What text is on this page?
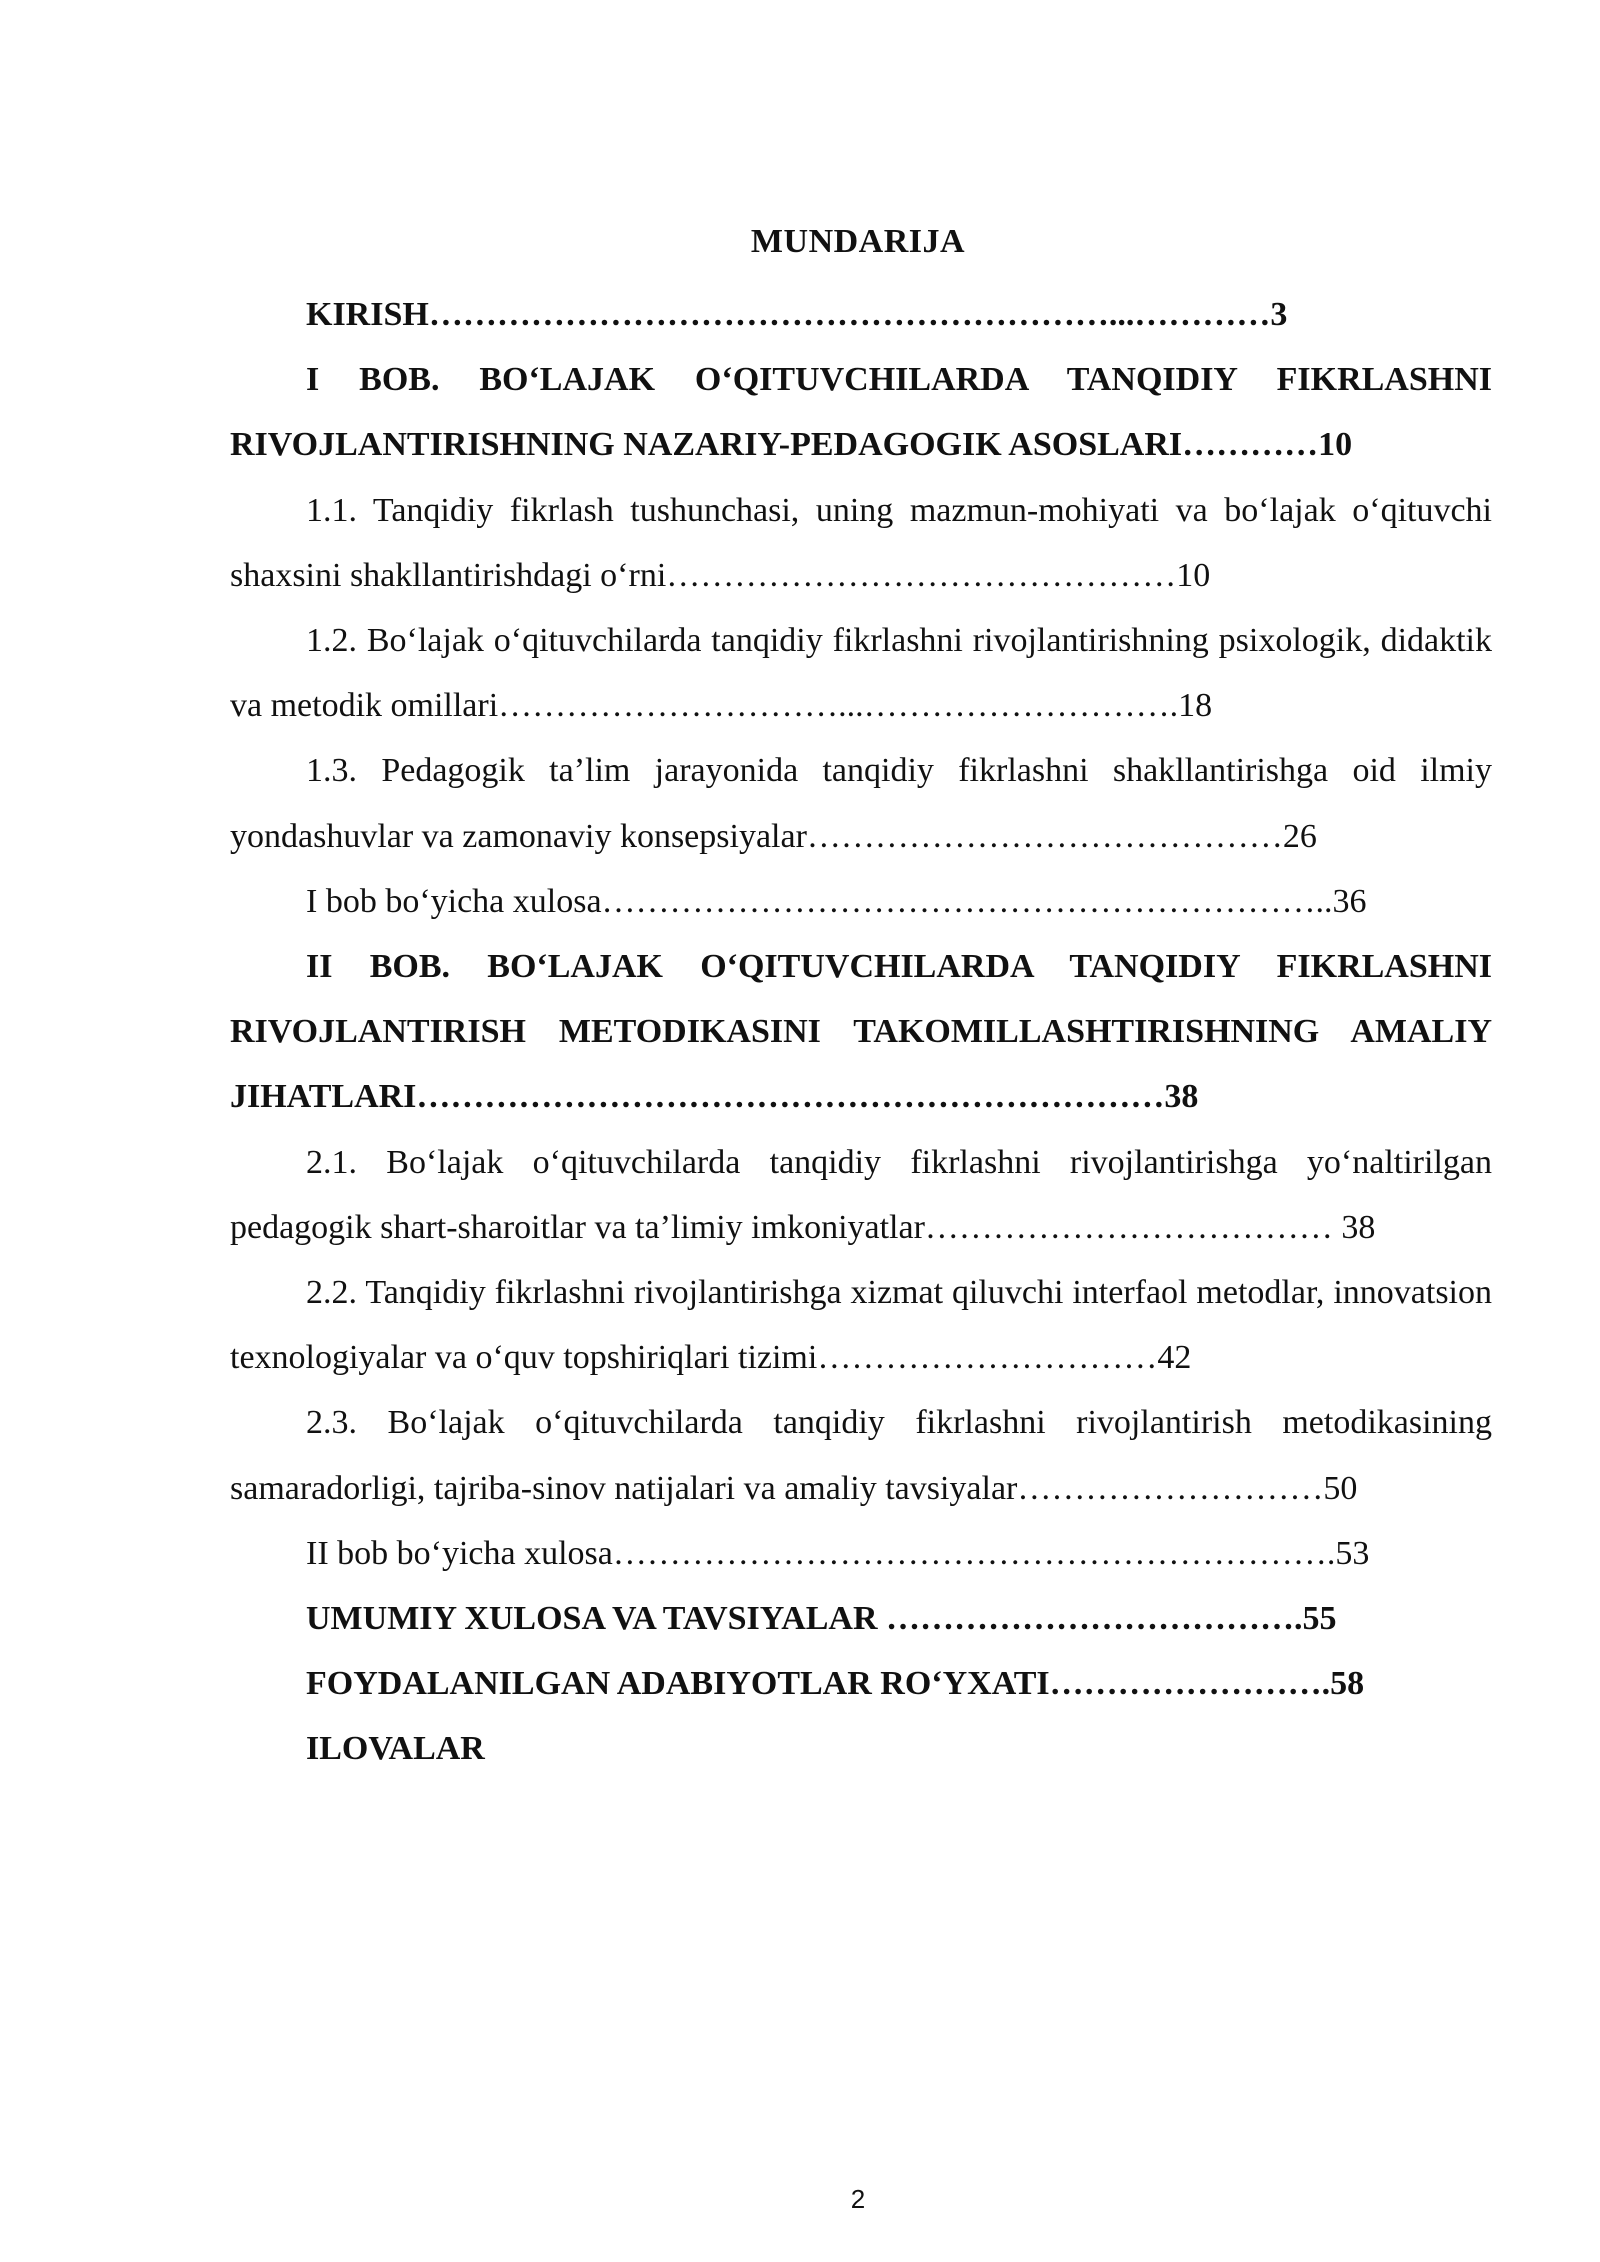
MUNDARIJA

KIRISH……………………………………………………...…………3

I BOB. BO‘LAJAK O‘QITUVCHILARDA TANQIDIY FIKRLASHNI RIVOJLANTIRISHNING NAZARIY-PEDAGOGIK ASOSLARI…………10

1.1. Tanqidiy fikrlash tushunchasi, uning mazmun-mohiyati va bo‘lajak o‘qituvchi shaxsini shakllantirishdagi o‘rni………………………………………10

1.2. Bo‘lajak o‘qituvchilarda tanqidiy fikrlashni rivojlantirishning psixologik, didaktik va metodik omillari…………………………...……………………….18

1.3. Pedagogik ta’lim jarayonida tanqidiy fikrlashni shakllantirishga oid ilmiy yondashuvlar va zamonaviy konsepsiyalar……………………………………26

I bob bo‘yicha xulosa………………………………………………………..36

II BOB. BO‘LAJAK O‘QITUVCHILARDA TANQIDIY FIKRLASHNI RIVOJLANTIRISH METODIKASINI TAKOMILLASHTIRISHNING AMALIY JIHATLARI…………………………………………………………38

2.1. Bo‘lajak o‘qituvchilarda tanqidiy fikrlashni rivojlantirishga yo‘naltirilgan pedagogik shart-sharoitlar va ta’limiy imkoniyatlar……………………………… 38

2.2. Tanqidiy fikrlashni rivojlantirishga xizmat qiluvchi interfaol metodlar, innovatsion texnologiyalar va o‘quv topshiriqlari tizimi…………………………42

2.3. Bo‘lajak o‘qituvchilarda tanqidiy fikrlashni rivojlantirish metodikasining samaradorligi, tajriba-sinov natijalari va amaliy tavsiyalar………………………50

II bob bo‘yicha xulosa……………………………………………………….53

UMUMIY XULOSA VA TAVSIYALAR ……………………………….55

FOYDALANILGAN ADABIYOTLAR RO‘YXATI…………………….58

ILOVALAR

2
